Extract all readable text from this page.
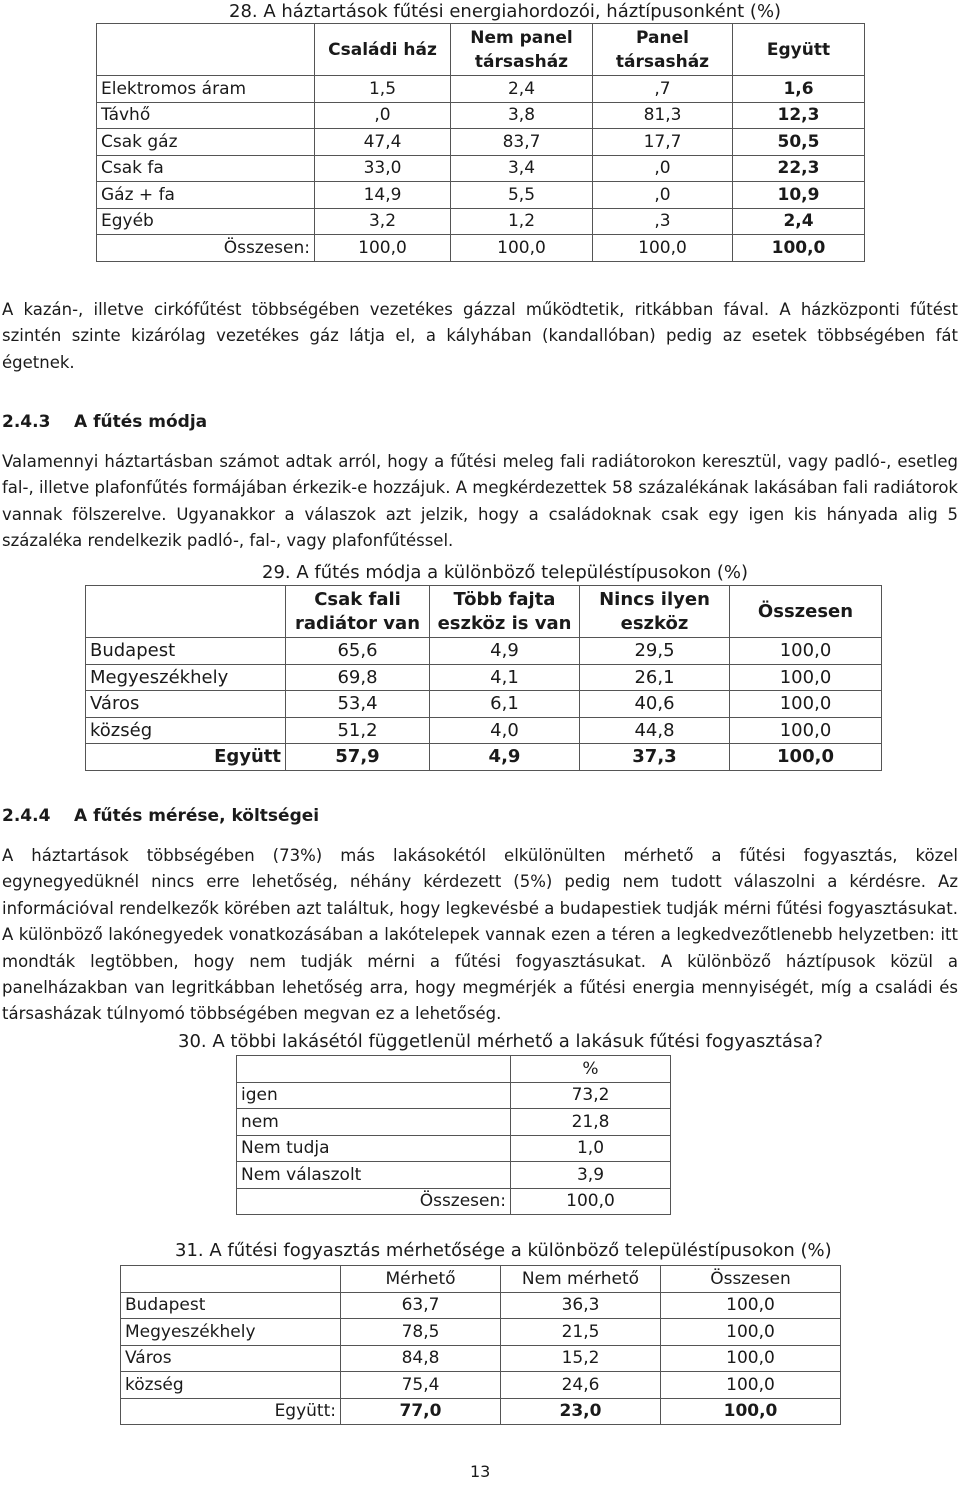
28. A háztartások fűtési energiahordozói, háztípusonként (%)
	Családi ház	Nem panel társasház	Panel társasház	Együtt
Elektromos áram	1,5	2,4	,7	1,6
Távhő	,0	3,8	81,3	12,3
Csak gáz	47,4	83,7	17,7	50,5
Csak fa	33,0	3,4	,0	22,3
Gáz + fa	14,9	5,5	,0	10,9
Egyéb	3,2	1,2	,3	2,4
Összesen:	100,0	100,0	100,0	100,0
A kazán-, illetve cirkófűtést többségében vezetékes gázzal működtetik, ritkábban fával. A házközponti fűtést szintén szinte kizárólag vezetékes gáz látja el, a kályhában (kandallóban) pedig az esetek többségében fát égetnek.
2.4.3 A fűtés módja
Valamennyi háztartásban számot adtak arról, hogy a fűtési meleg fali radiátorokon keresztül, vagy padló-, esetleg fal-, illetve plafonfűtés formájában érkezik-e hozzájuk. A megkérdezettek 58 százalékának lakásában fali radiátorok vannak fölszerelve. Ugyanakkor a válaszok azt jelzik, hogy a családoknak csak egy igen kis hányada alig 5 százaléka rendelkezik padló-, fal-, vagy plafonfűtéssel.
29. A fűtés módja a különböző településtípusokon (%)
	Csak fali radiátor van	Több fajta eszköz is van	Nincs ilyen eszköz	Összesen
Budapest	65,6	4,9	29,5	100,0
Megyeszékhely	69,8	4,1	26,1	100,0
Város	53,4	6,1	40,6	100,0
község	51,2	4,0	44,8	100,0
Együtt	57,9	4,9	37,3	100,0
2.4.4 A fűtés mérése, költségei
A háztartások többségében (73%) más lakásokétól elkülönülten mérhető a fűtési fogyasztás, közel egynegyedüknél nincs erre lehetőség, néhány kérdezett (5%) pedig nem tudott válaszolni a kérdésre. Az információval rendelkezők körében azt találtuk, hogy legkevésbé a budapestiek tudják mérni fűtési fogyasztásukat. A különböző lakónegyedek vonatkozásában a lakótelepek vannak ezen a téren a legkedvezőtlenebb helyzetben: itt mondták legtöbben, hogy nem tudják mérni a fűtési fogyasztásukat. A különböző háztípusok közül a panelházakban van legritkábban lehetőség arra, hogy megmérjék a fűtési energia mennyiségét, míg a családi és társasházak túlnyomó többségében megvan ez a lehetőség.
30. A többi lakásétól függetlenül mérhető a lakásuk fűtési fogyasztása?
	%
igen	73,2
nem	21,8
Nem tudja	1,0
Nem válaszolt	3,9
Összesen:	100,0
31. A fűtési fogyasztás mérhetősége a különböző településtípusokon (%)
	Mérhető	Nem mérhető	Összesen
Budapest	63,7	36,3	100,0
Megyeszékhely	78,5	21,5	100,0
Város	84,8	15,2	100,0
község	75,4	24,6	100,0
Együtt:	77,0	23,0	100,0
13
